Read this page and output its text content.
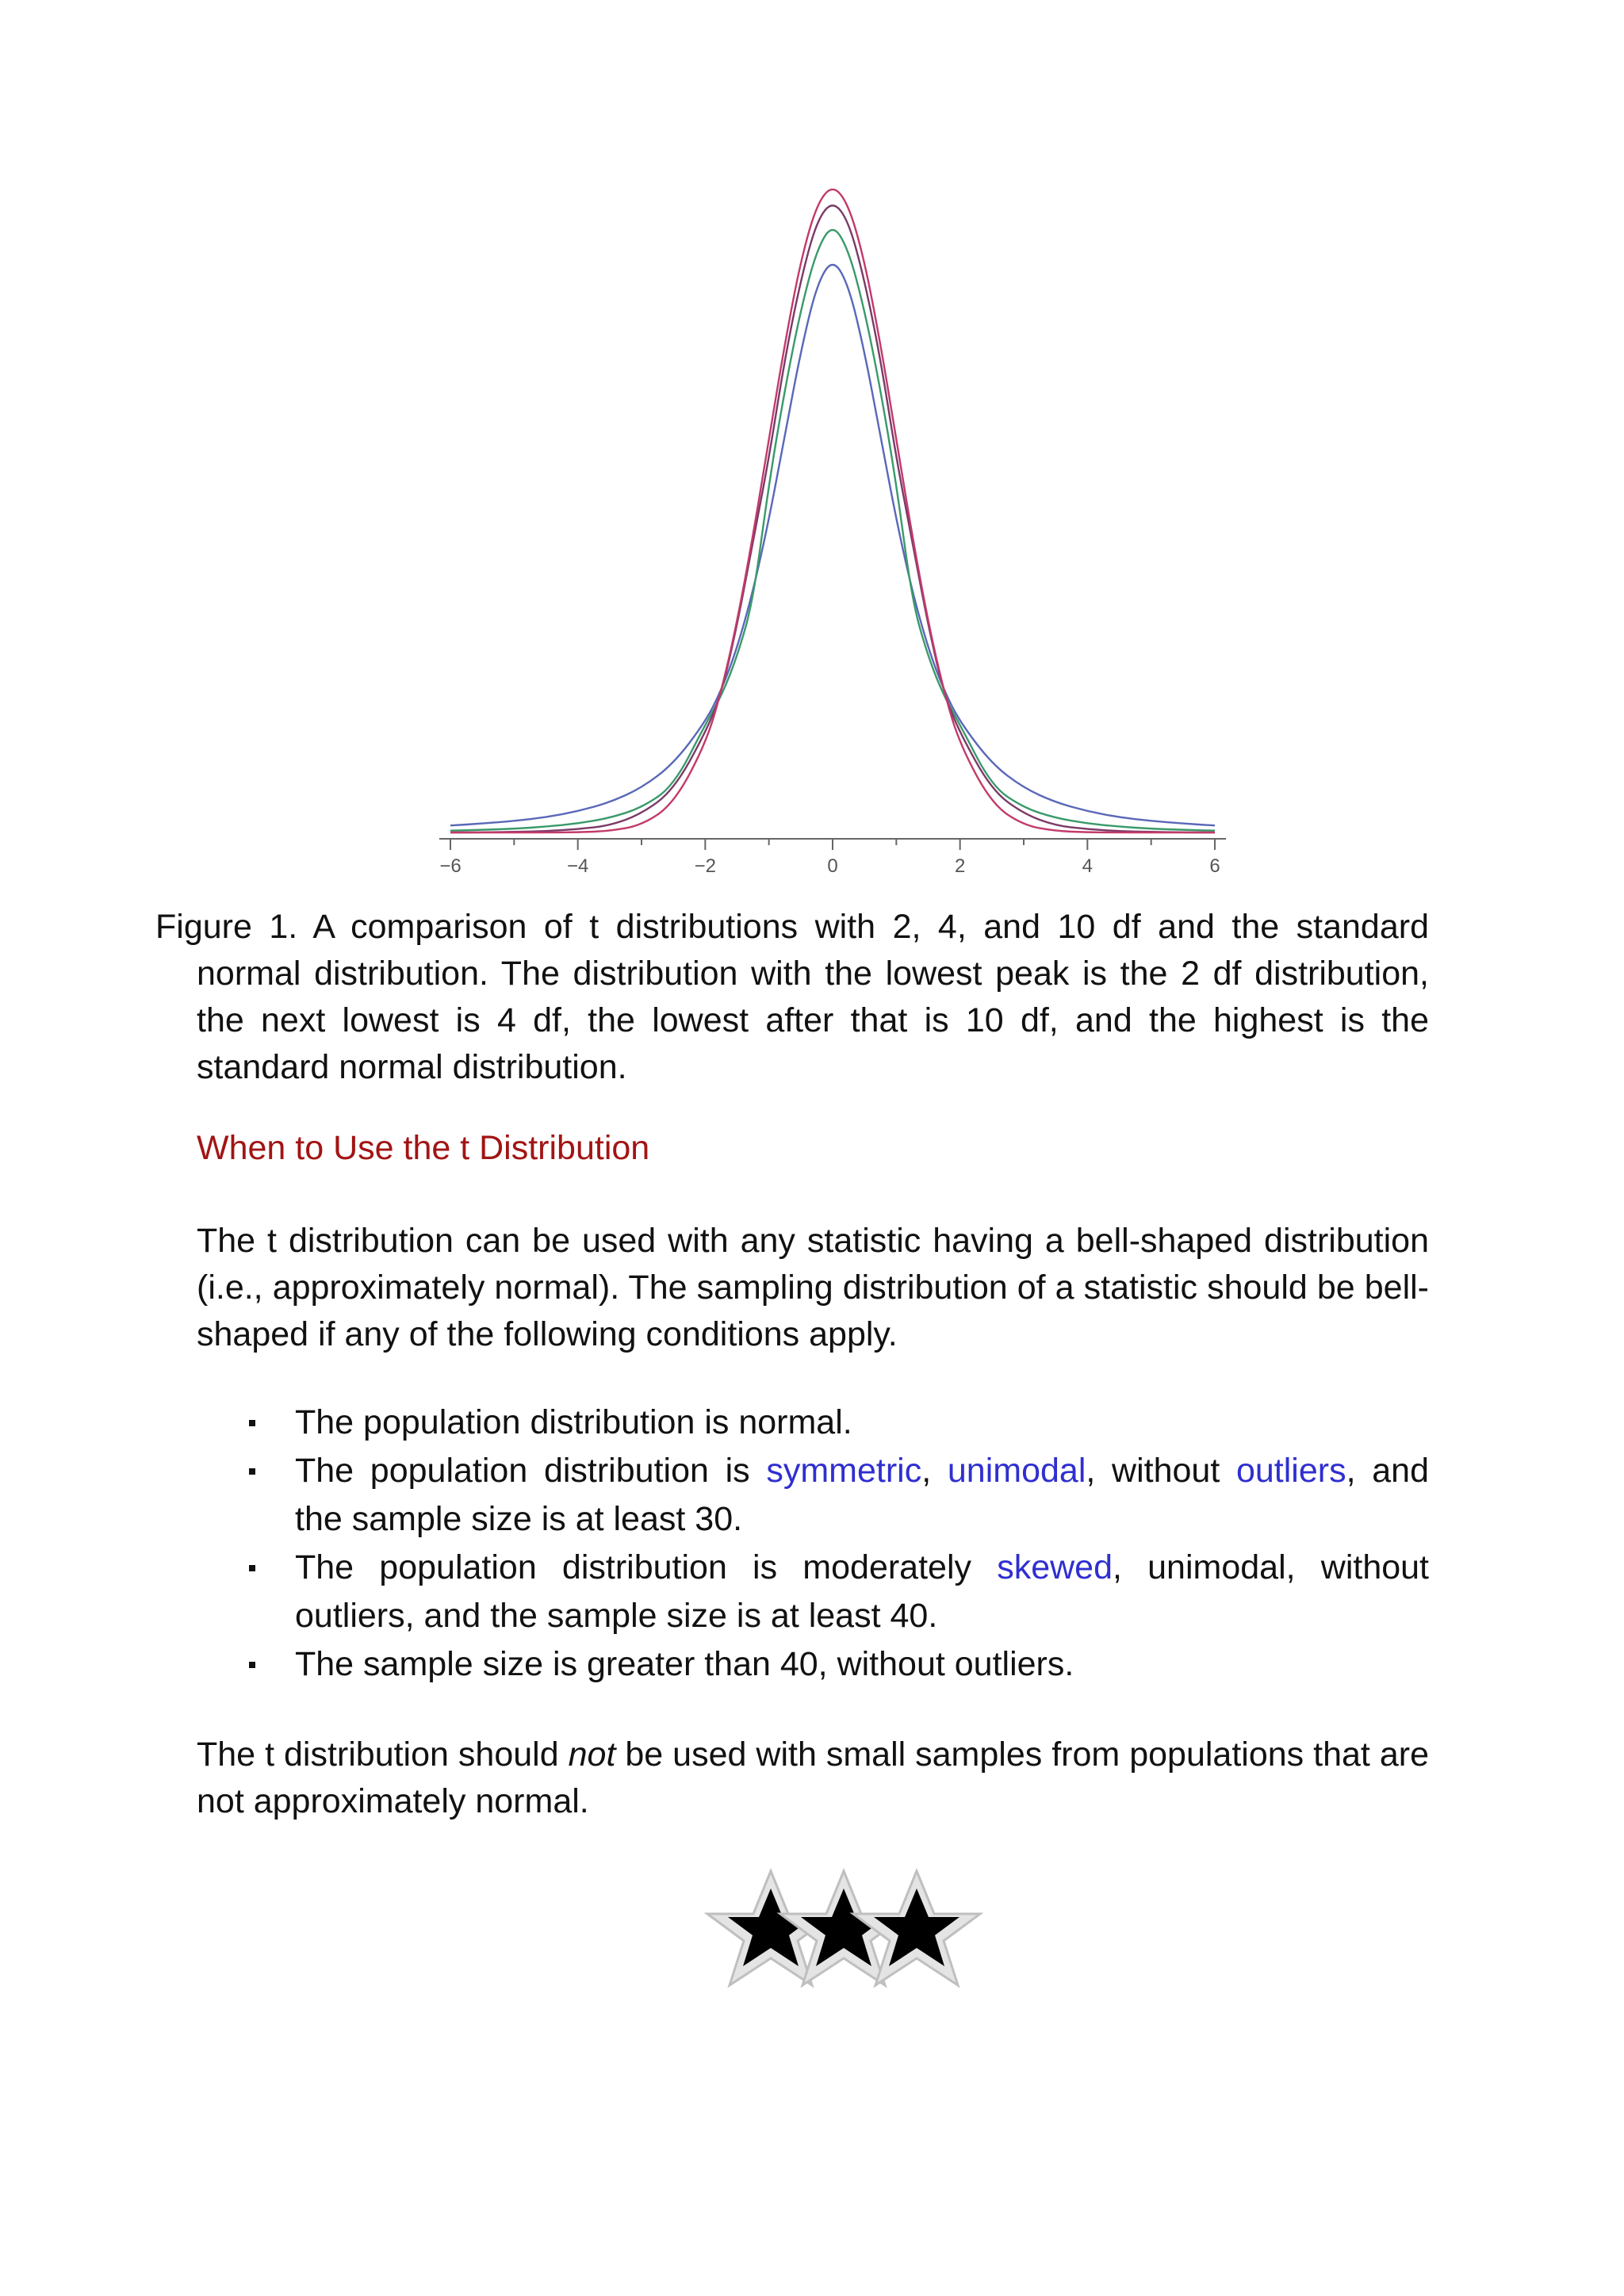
−6	−4	−2	0	2	4	6
Figure 1. A comparison of t distributions with 2, 4, and 10 df and the standard normal distribution. The distribution with the lowest peak is the 2 df distribution, the next lowest is 4 df, the lowest after that is 10 df, and the highest is the standard normal distribution.
When to Use the t Distribution
The t distribution can be used with any statistic having a bell-shaped distribution (i.e., approximately normal). The sampling distribution of a statistic should be bell-shaped if any of the following conditions apply.
The population distribution is normal.
The population distribution is symmetric, unimodal, without outliers, and the sample size is at least 30.
The population distribution is moderately skewed, unimodal, without outliers, and the sample size is at least 40.
The sample size is greater than 40, without outliers.
The t distribution should not be used with small samples from populations that are not approximately normal.
